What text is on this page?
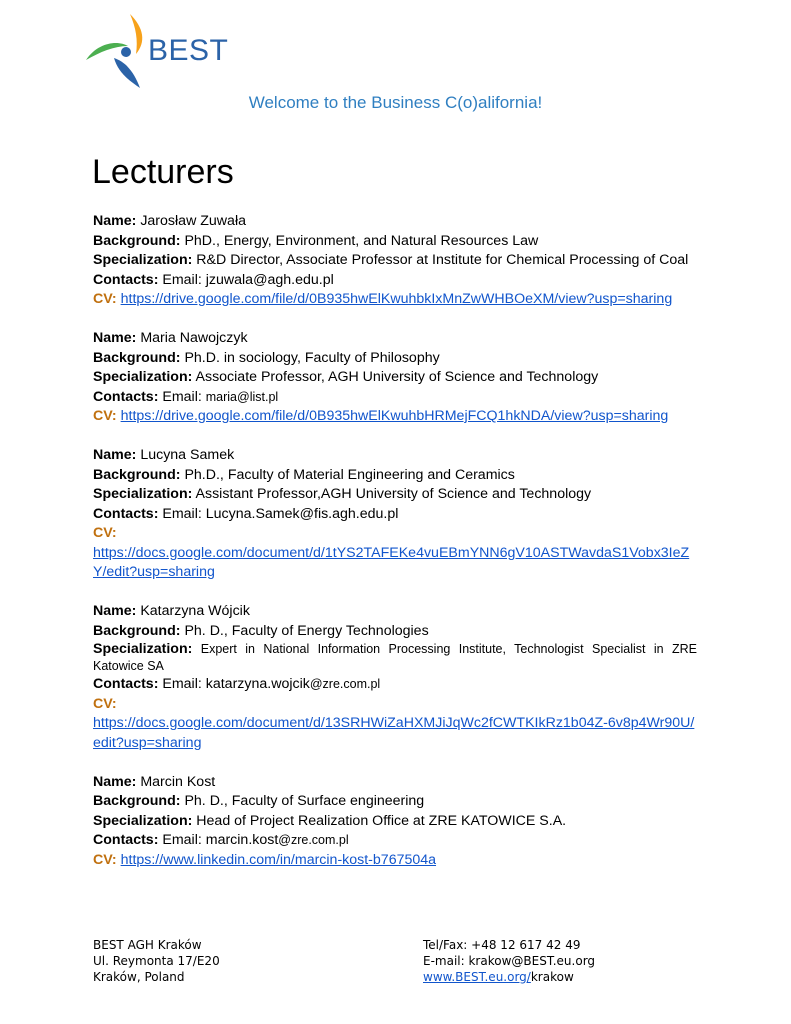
BEST
Welcome to the Business C(o)alifornia!
Lecturers
Name: Jarosław Zuwała
Background: PhD., Energy, Environment, and Natural Resources Law
Specialization: R&D Director, Associate Professor at Institute for Chemical Processing of Coal
Contacts: Email: jzuwala@agh.edu.pl
CV: https://drive.google.com/file/d/0B935hwElKwuhbkIxMnZwWHBOeXM/view?usp=sharing
Name: Maria Nawojczyk
Background: Ph.D. in sociology, Faculty of Philosophy
Specialization: Associate Professor, AGH University of Science and Technology
Contacts: Email: maria@list.pl
CV: https://drive.google.com/file/d/0B935hwElKwuhbHRMejFCQ1hkNDA/view?usp=sharing
Name: Lucyna Samek
Background: Ph.D., Faculty of Material Engineering and Ceramics
Specialization: Assistant Professor,AGH University of Science and Technology
Contacts: Email: Lucyna.Samek@fis.agh.edu.pl
CV:
https://docs.google.com/document/d/1tYS2TAFEKe4vuEBmYNN6gV10ASTWavdaS1Vobx3IeZY/edit?usp=sharing
Name: Katarzyna Wójcik
Background: Ph. D., Faculty of Energy Technologies
Specialization: Expert in National Information Processing Institute, Technologist Specialist in ZRE Katowice SA
Contacts: Email: katarzyna.wojcik@zre.com.pl
CV:
https://docs.google.com/document/d/13SRHWiZaHXMJiJqWc2fCWTKIkRz1b04Z-6v8p4Wr90U/edit?usp=sharing
Name: Marcin Kost
Background: Ph. D., Faculty of Surface engineering
Specialization: Head of Project Realization Office at ZRE KATOWICE S.A.
Contacts: Email: marcin.kost@zre.com.pl
CV: https://www.linkedin.com/in/marcin-kost-b767504a
BEST AGH Kraków
Ul. Reymonta 17/E20
Kraków, Poland
Tel/Fax: +48 12 617 42 49
E-mail: krakow@BEST.eu.org
www.BEST.eu.org/krakow
